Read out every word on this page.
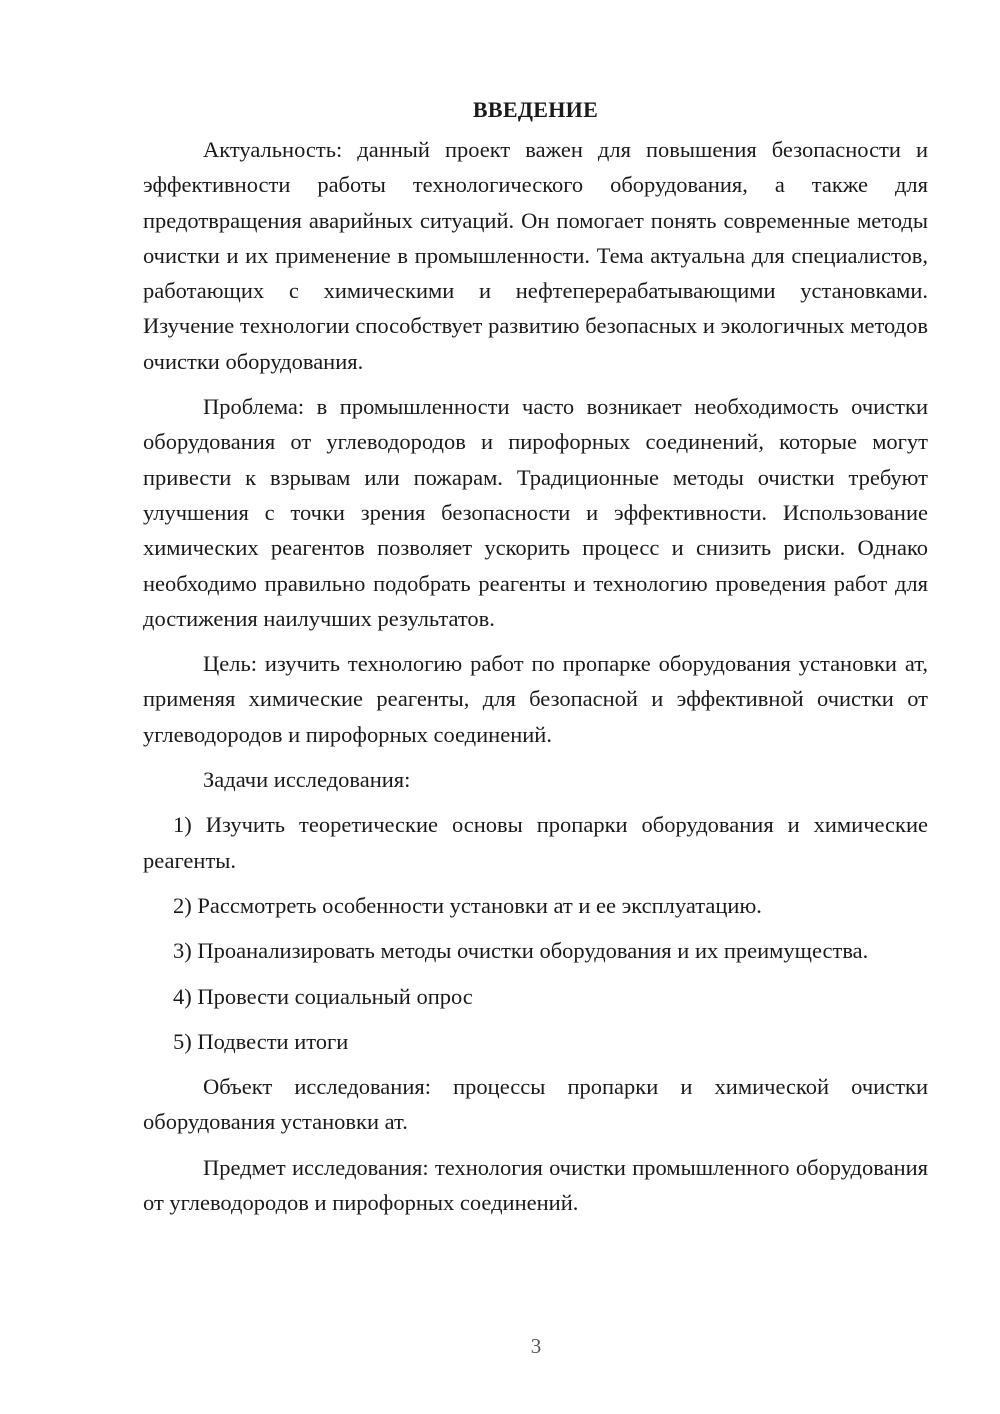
ВВЕДЕНИЕ

Актуальность: данный проект важен для повышения безопасности и эффективности работы технологического оборудования, а также для предотвращения аварийных ситуаций. Он помогает понять современные методы очистки и их применение в промышленности. Тема актуальна для специалистов, работающих с химическими и нефтеперерабатывающими установками. Изучение технологии способствует развитию безопасных и экологичных методов очистки оборудования.

Проблема: в промышленности часто возникает необходимость очистки оборудования от углеводородов и пирофорных соединений, которые могут привести к взрывам или пожарам. Традиционные методы очистки требуют улучшения с точки зрения безопасности и эффективности. Использование химических реагентов позволяет ускорить процесс и снизить риски. Однако необходимо правильно подобрать реагенты и технологию проведения работ для достижения наилучших результатов.

Цель: изучить технологию работ по пропарке оборудования установки ат, применяя химические реагенты, для безопасной и эффективной очистки от углеводородов и пирофорных соединений.

Задачи исследования:

1) Изучить теоретические основы пропарки оборудования и химические реагенты.

2) Рассмотреть особенности установки ат и ее эксплуатацию.

3) Проанализировать методы очистки оборудования и их преимущества.

4) Провести социальный опрос

5) Подвести итоги

Объект исследования: процессы пропарки и химической очистки оборудования установки ат.

Предмет исследования: технология очистки промышленного оборудования от углеводородов и пирофорных соединений.

3
